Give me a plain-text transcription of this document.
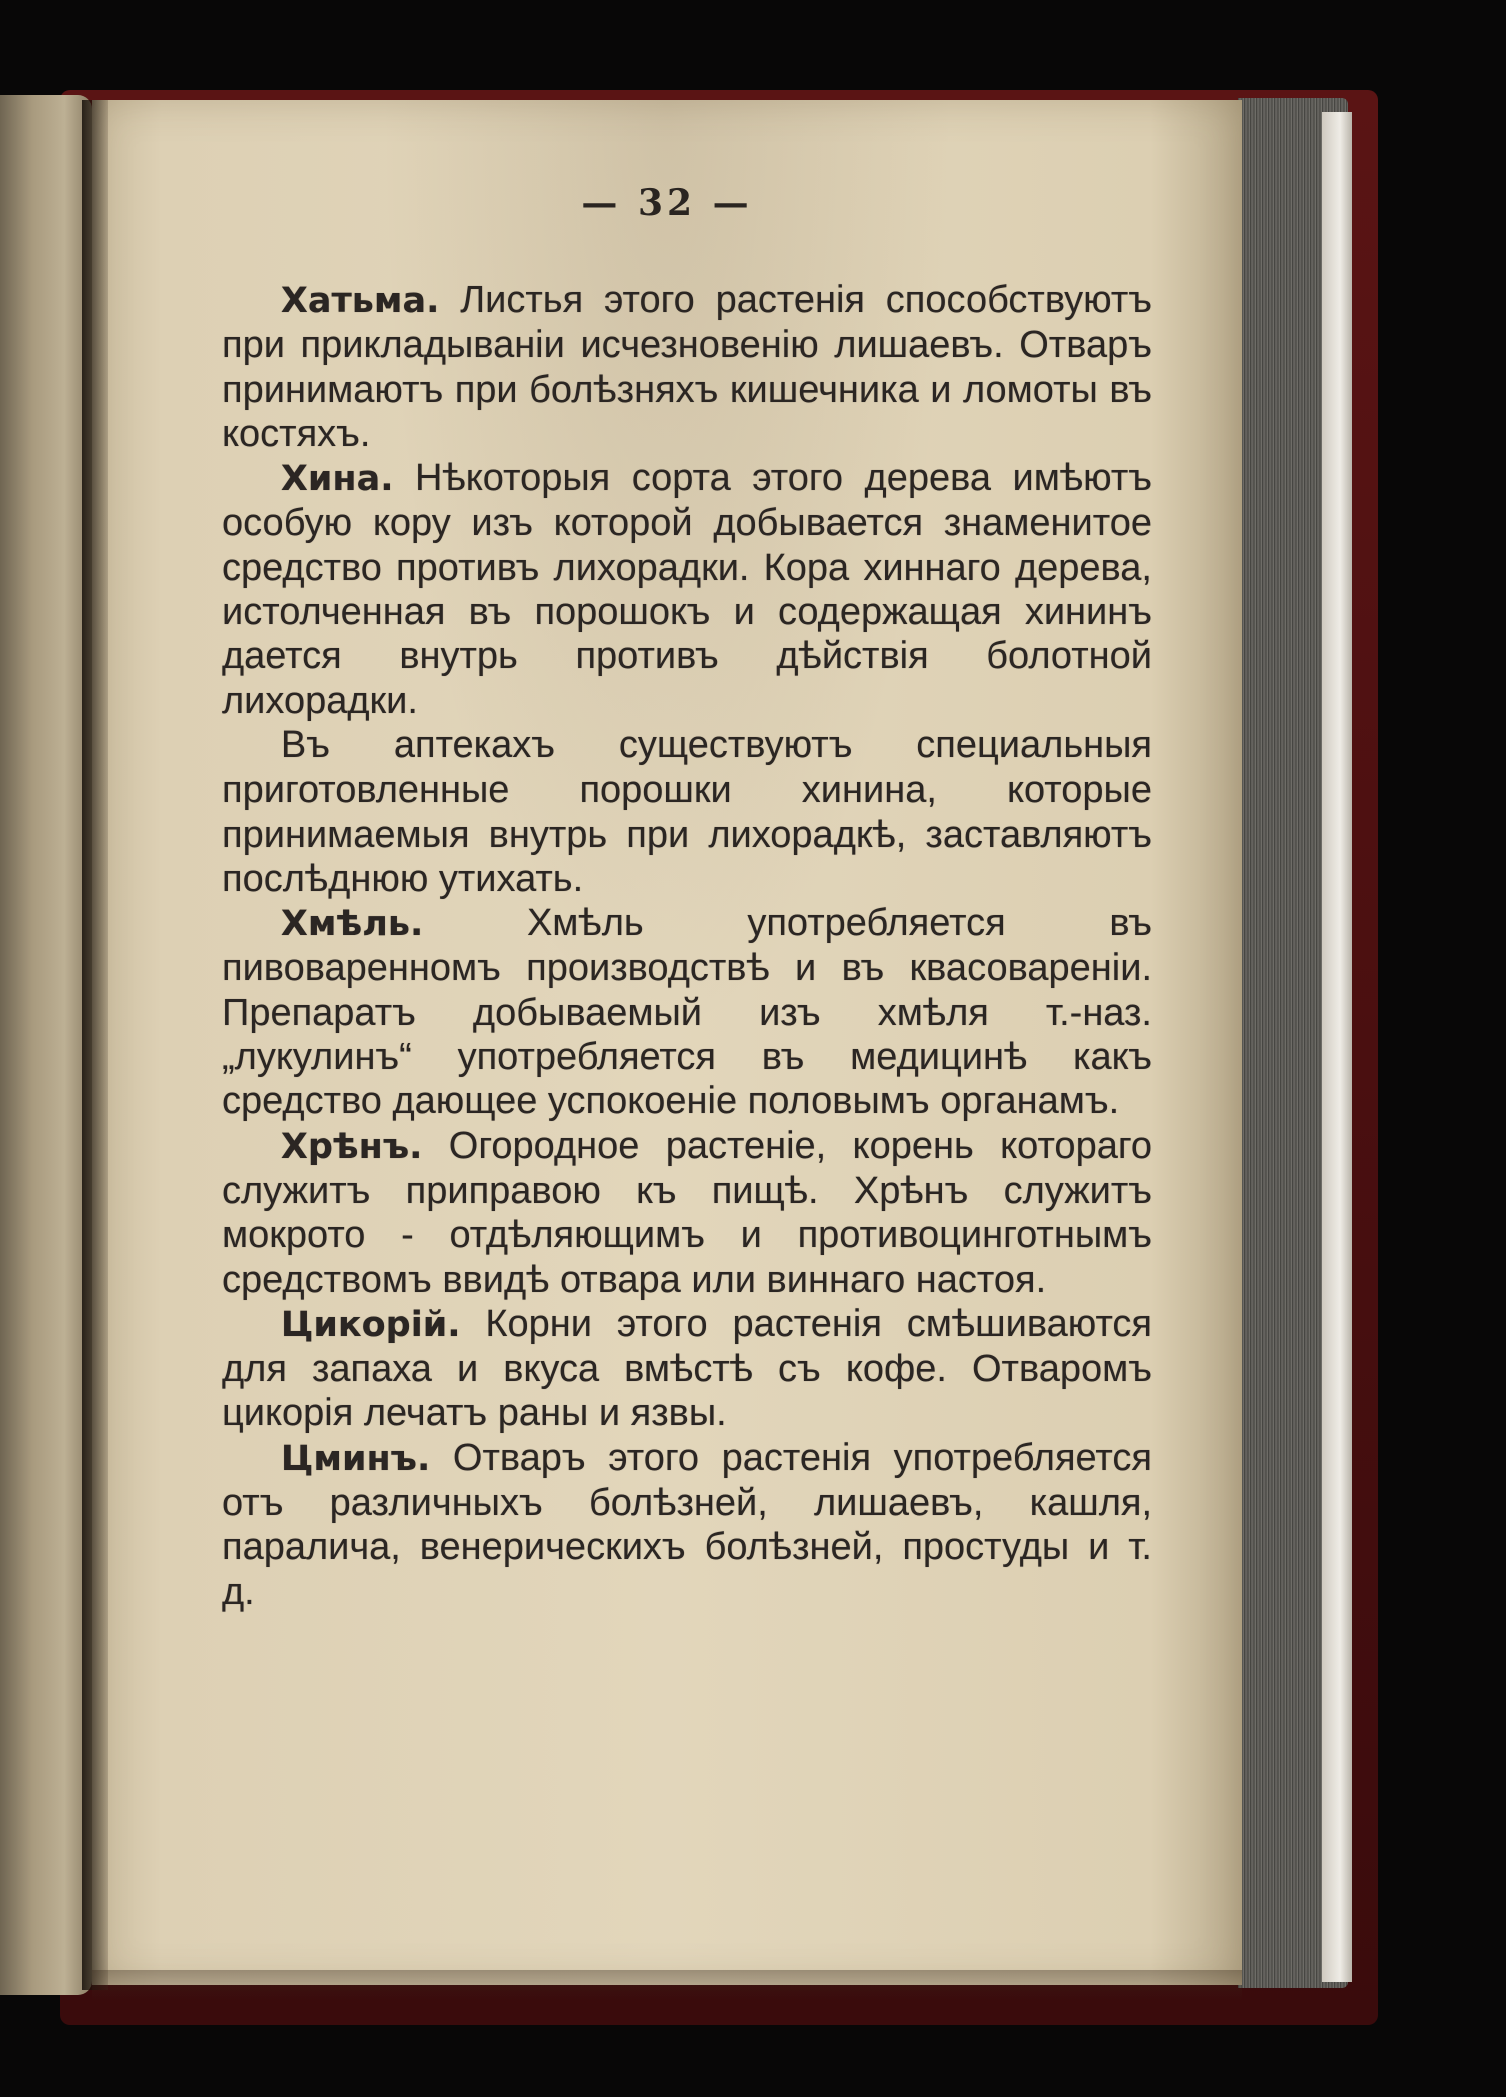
— 32 —

Хатьма. Листья этого растенія способствуютъ при прикладываніи исчезновенію лишаевъ. Отваръ принимаютъ при болѣзняхъ кишечника и ломоты въ костяхъ.

Хина. Нѣкоторыя сорта этого дерева имѣютъ особую кору изъ которой добывается знаменитое средство противъ лихорадки. Кора хиннаго дерева, истолченная въ порошокъ и содержащая хининъ дается внутрь противъ дѣйствія болотной лихорадки.

Въ аптекахъ существуютъ специальныя приготовленные порошки хинина, которые принимаемыя внутрь при лихорадкѣ, заставляютъ послѣднюю утихать.

Хмѣль. Хмѣль употребляется въ пивоваренномъ производствѣ и въ квасовареніи. Препаратъ добываемый изъ хмѣля т.-наз. „лукулинъ“ употребляется въ медицинѣ какъ средство дающее успокоеніе половымъ органамъ.

Хрѣнъ. Огородное растеніе, корень котораго служитъ приправою къ пищѣ. Хрѣнъ служитъ мокрото - отдѣляющимъ и противоцинготнымъ средствомъ ввидѣ отвара или виннаго настоя.

Цикорій. Корни этого растенія смѣшиваются для запаха и вкуса вмѣстѣ съ кофе. Отваромъ цикорія лечатъ раны и язвы.

Цминъ. Отваръ этого растенія употребляется отъ различныхъ болѣзней, лишаевъ, кашля, паралича, венерическихъ болѣзней, простуды и т. д.
